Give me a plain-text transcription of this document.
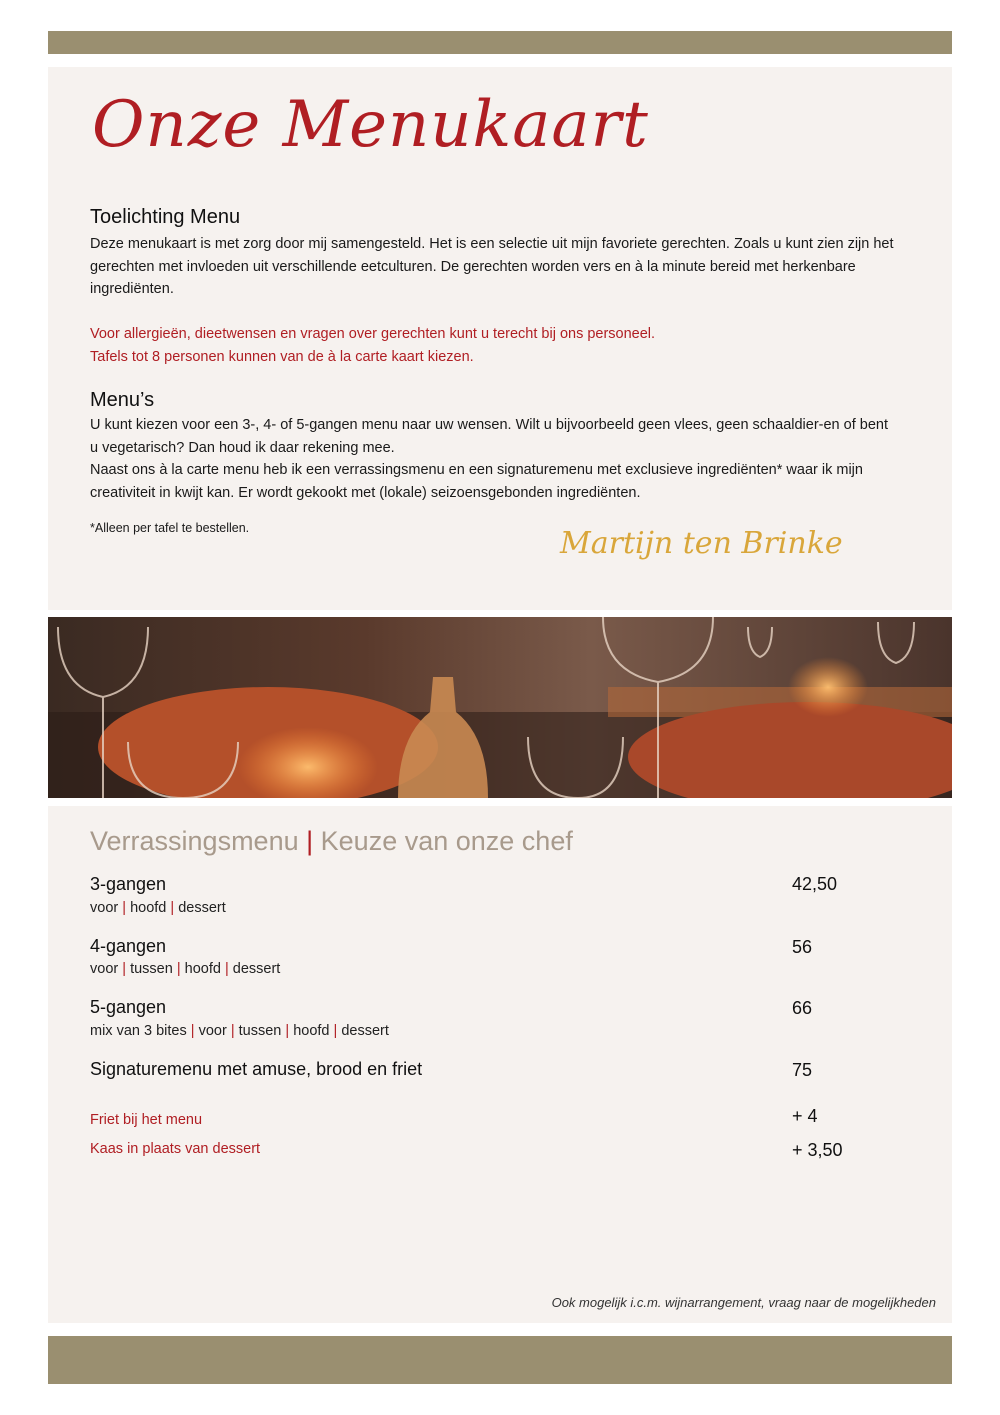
Onze Menukaart
Toelichting Menu

Deze menukaart is met zorg door mij samengesteld. Het is een selectie uit mijn favoriete gerechten. Zoals u kunt zien zijn het gerechten met invloeden uit verschillende eetculturen. De gerechten worden vers en à la minute bereid met herkenbare ingrediënten.

Voor allergieën, dieetwensen en vragen over gerechten kunt u terecht bij ons personeel.

Tafels tot 8 personen kunnen van de à la carte kaart kiezen.

Menu’s

U kunt kiezen voor een 3-, 4- of 5-gangen menu naar uw wensen. Wilt u bijvoorbeeld geen vlees, geen schaaldier-en of bent u vegetarisch? Dan houd ik daar rekening mee.

Naast ons à la carte menu heb ik een verrassingsmenu en een signaturemenu met exclusieve ingrediënten* waar ik mijn creativiteit in kwijt kan. Er wordt gekookt met (lokale) seizoensgebonden ingrediënten.

*Alleen per tafel te bestellen.	Martijn ten Brinke
Verrassingsmenu | Keuze van onze chef
3-gangen	42,50
voor | hoofd | dessert
4-gangen	56
voor | tussen | hoofd | dessert
5-gangen	66
mix van 3 bites | voor | tussen | hoofd | dessert
Signaturemenu met amuse, brood en friet	75
Friet bij het menu	+ 4
Kaas in plaats van dessert	+ 3,50
Ook mogelijk i.c.m. wijnarrangement, vraag naar de mogelijkheden
